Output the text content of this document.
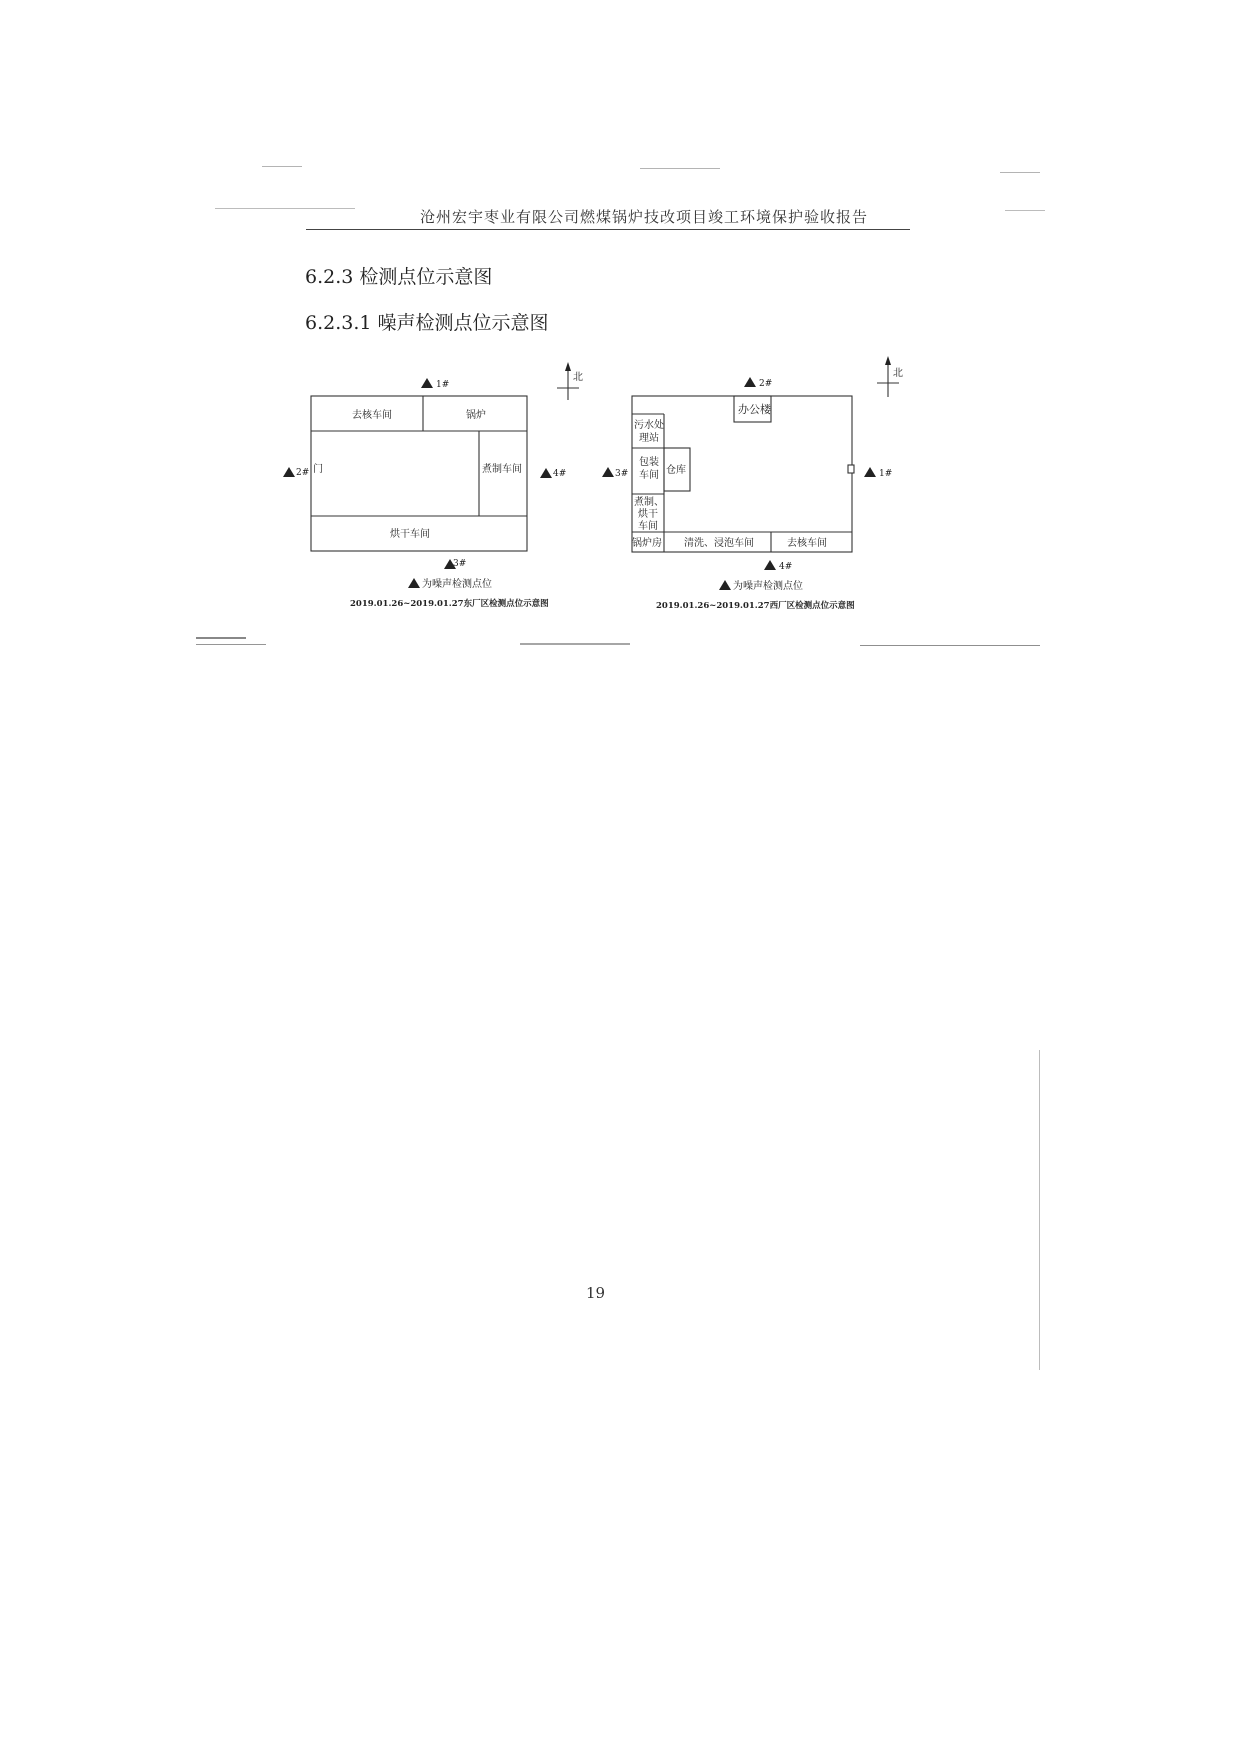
沧州宏宇枣业有限公司燃煤锅炉技改项目竣工环境保护验收报告
6.2.3 检测点位示意图
6.2.3.1 噪声检测点位示意图
去核车间	锅炉
门	煮制车间
烘干车间
1#
2#
3#
4#
北
为噪声检测点位
2019.01.26~2019.01.27东厂区检测点位示意图
办公楼
污水处
理站
包装
车间 仓库
煮制、
烘干
车间
锅炉房 清洗、浸泡车间	去核车间
2#
3#	1#
4#
北
为噪声检测点位
2019.01.26~2019.01.27西厂区检测点位示意图
19
